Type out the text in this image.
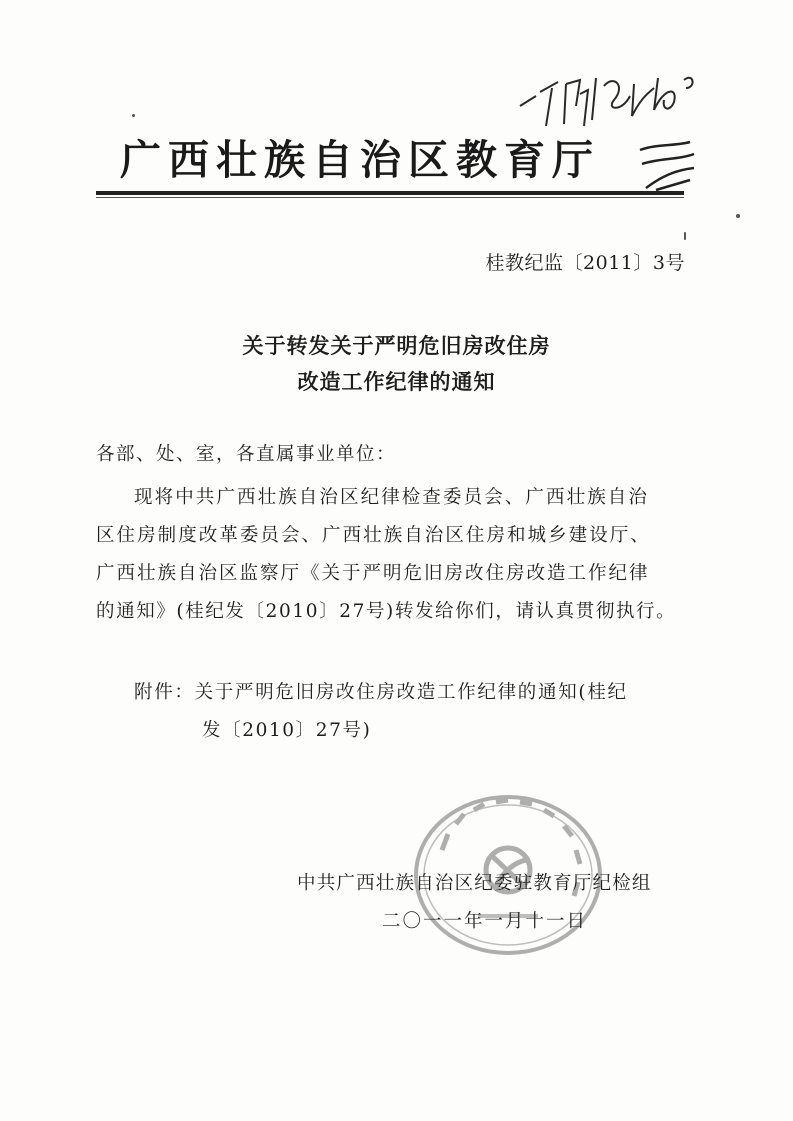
广西壮族自治区教育厅
桂教纪监〔2011〕3号
关于转发关于严明危旧房改住房
改造工作纪律的通知
各部、处、室，各直属事业单位：
现将中共广西壮族自治区纪律检查委员会、广西壮族自治
区住房制度改革委员会、广西壮族自治区住房和城乡建设厅、
广西壮族自治区监察厅《关于严明危旧房改住房改造工作纪律
的通知》(桂纪发〔2010〕27号)转发给你们，请认真贯彻执行。
附件：关于严明危旧房改住房改造工作纪律的通知(桂纪
发〔2010〕27号)
中共广西壮族自治区纪委驻教育厅纪检组
二〇一一年一月十一日
